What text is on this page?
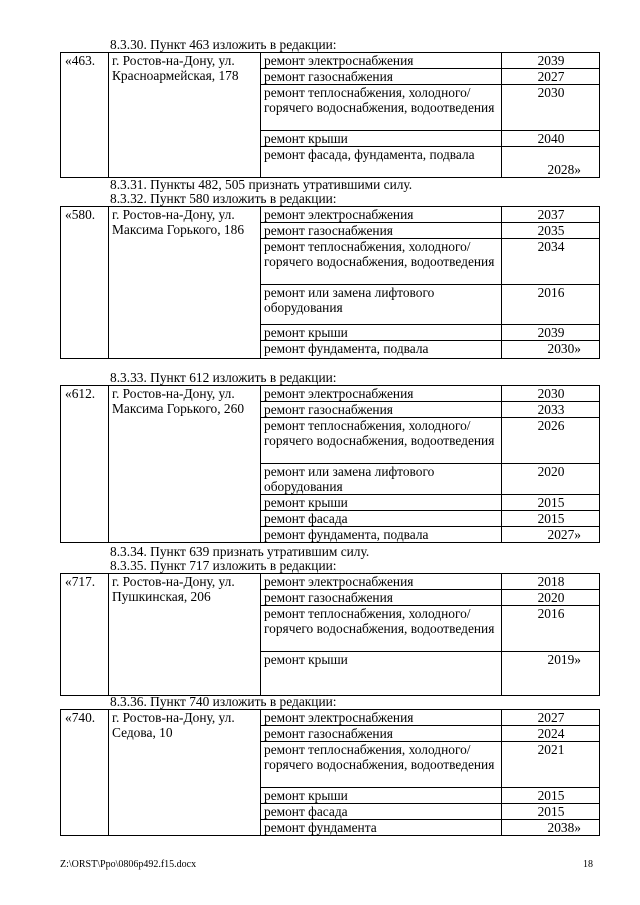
8.3.30. Пункт 463 изложить в редакции:
«463.	г. Ростов-на-Дону, ул. Красноармейская, 178	ремонт электроснабжения	2039
		ремонт газоснабжения	2027
		ремонт теплоснабжения, холодного/горячего водоснабжения, водоотведения	2030
		ремонт крыши	2040
		ремонт фасада, фундамента, подвала	2028»
8.3.31. Пункты 482, 505 признать утратившими силу.
8.3.32. Пункт 580 изложить в редакции:
«580.	г. Ростов-на-Дону, ул. Максима Горького, 186	ремонт электроснабжения	2037
		ремонт газоснабжения	2035
		ремонт теплоснабжения, холодного/горячего водоснабжения, водоотведения	2034
		ремонт или замена лифтового оборудования	2016
		ремонт крыши	2039
		ремонт фундамента, подвала	2030»
8.3.33. Пункт 612 изложить в редакции:
«612.	г. Ростов-на-Дону, ул. Максима Горького, 260	ремонт электроснабжения	2030
		ремонт газоснабжения	2033
		ремонт теплоснабжения, холодного/горячего водоснабжения, водоотведения	2026
		ремонт или замена лифтового оборудования	2020
		ремонт крыши	2015
		ремонт фасада	2015
		ремонт фундамента, подвала	2027»
8.3.34. Пункт 639 признать утратившим силу.
8.3.35. Пункт 717 изложить в редакции:
«717.	г. Ростов-на-Дону, ул. Пушкинская, 206	ремонт электроснабжения	2018
		ремонт газоснабжения	2020
		ремонт теплоснабжения, холодного/горячего водоснабжения, водоотведения	2016
		ремонт крыши	2019»
8.3.36. Пункт 740 изложить в редакции:
«740.	г. Ростов-на-Дону, ул. Седова, 10	ремонт электроснабжения	2027
		ремонт газоснабжения	2024
		ремонт теплоснабжения, холодного/горячего водоснабжения, водоотведения	2021
		ремонт крыши	2015
		ремонт фасада	2015
		ремонт фундамента	2038»
Z:\ORST\Ppo\0806p492.f15.docx	18
